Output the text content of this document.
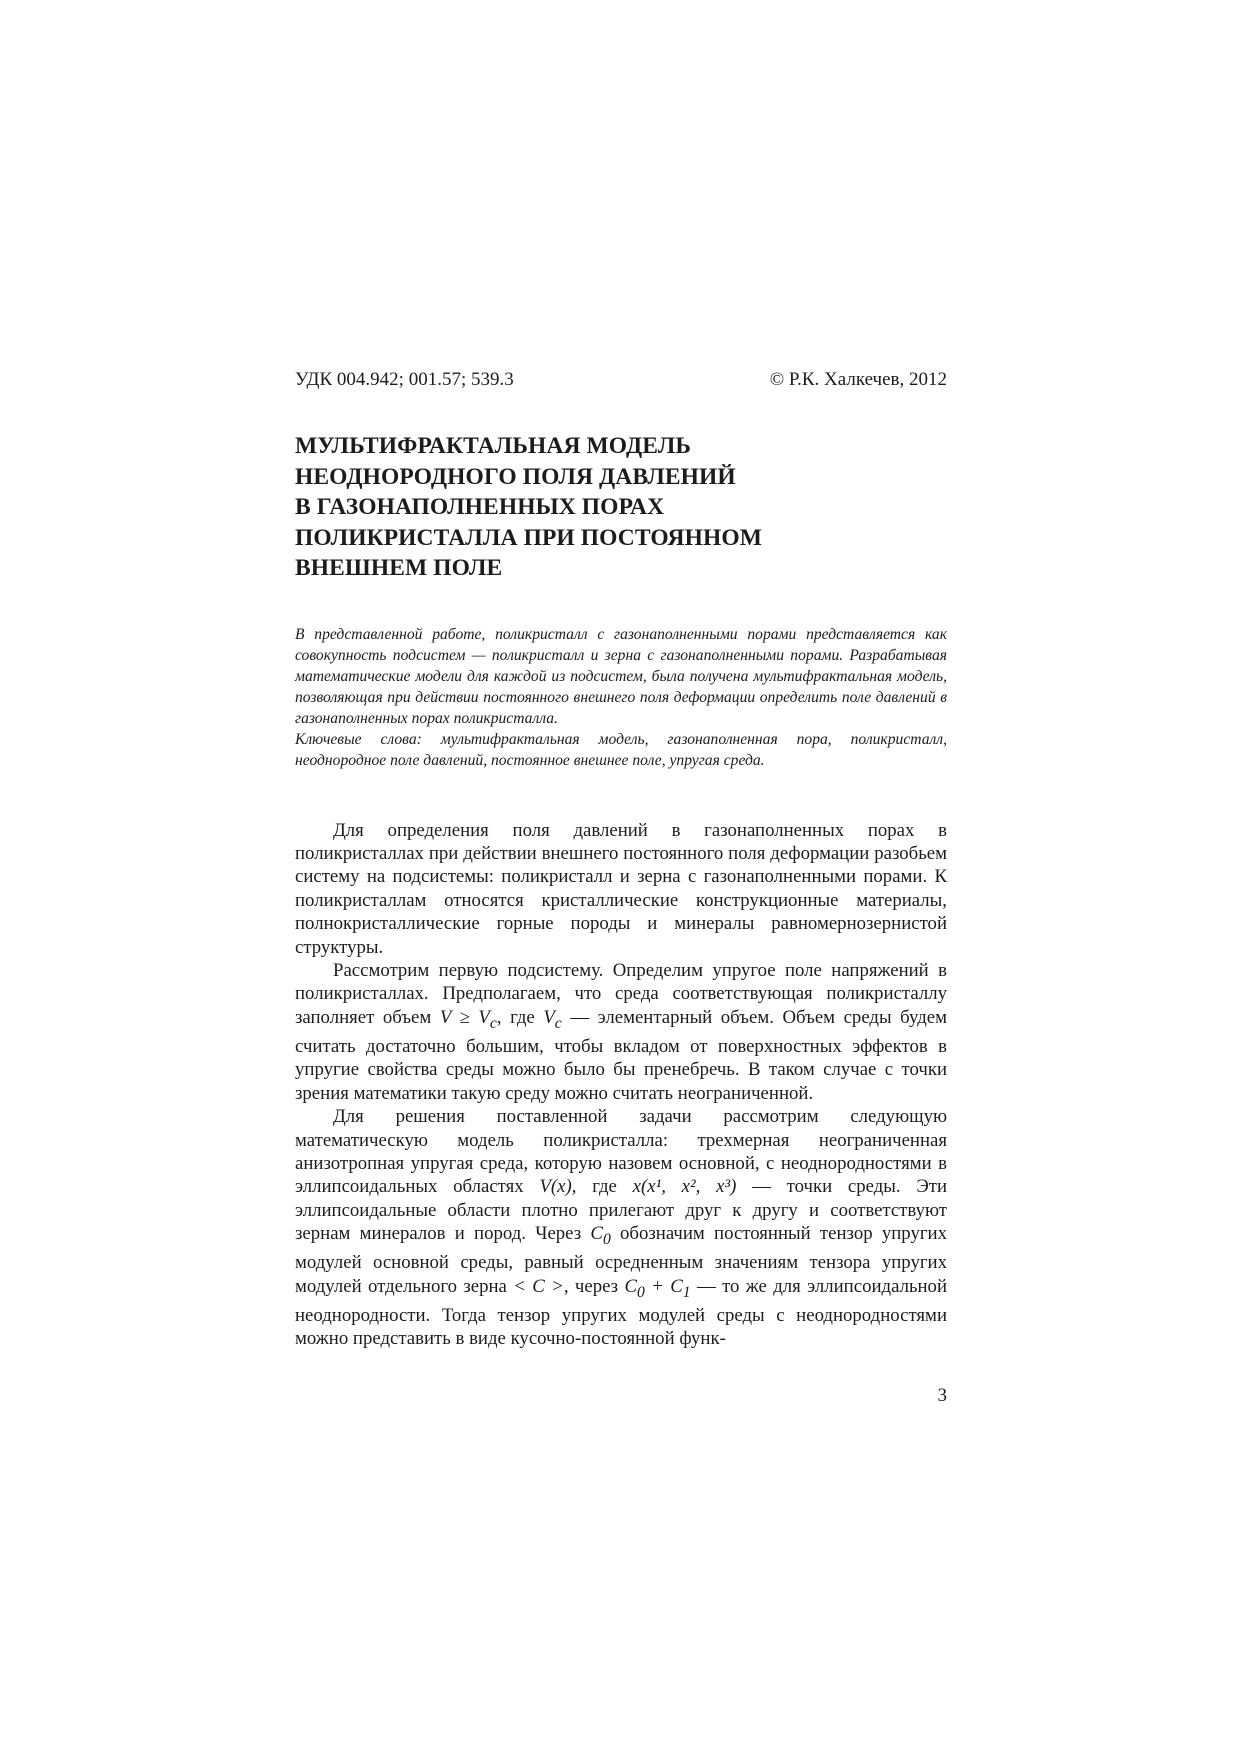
УДК 004.942; 001.57; 539.3	© Р.К. Халкечев, 2012
МУЛЬТИФРАКТАЛЬНАЯ МОДЕЛЬ
НЕОДНОРОДНОГО ПОЛЯ ДАВЛЕНИЙ
В ГАЗОНАПОЛНЕННЫХ ПОРАХ
ПОЛИКРИСТАЛЛА ПРИ ПОСТОЯННОМ
ВНЕШНЕМ ПОЛЕ

В представленной работе, поликристалл с газонаполненными порами представляется как совокупность подсистем — поликристалл и зерна с газонаполненными порами. Разрабатывая математические модели для каждой из подсистем, была получена мультифрактальная модель, позволяющая при действии постоянного внешнего поля деформации определить поле давлений в газонаполненных порах поликристалла.

Ключевые слова: мультифрактальная модель, газонаполненная пора, поликристалл, неоднородное поле давлений, постоянное внешнее поле, упругая среда.

Для определения поля давлений в газонаполненных порах в поликристаллах при действии внешнего постоянного поля деформации разобьем систему на подсистемы: поликристалл и зерна с газонаполненными порами. К поликристаллам относятся кристаллические конструкционные материалы, полнокристаллические горные породы и минералы равномернозернистой структуры.

Рассмотрим первую подсистему. Определим упругое поле напряжений в поликристаллах. Предполагаем, что среда соответствующая поликристаллу заполняет объем $V \ge V_c$, где $V_c$ — элементарный объем. Объем среды будем считать достаточно большим, чтобы вкладом от поверхностных эффектов в упругие свойства среды можно было бы пренебречь. В таком случае с точки зрения математики такую среду можно считать неограниченной.

Для решения поставленной задачи рассмотрим следующую математическую модель поликристалла: трехмерная неограниченная анизотропная упругая среда, которую назовем основной, с неоднородностями в эллипсоидальных областях V(x), где x(x¹, x², x³) — точки среды. Эти эллипсоидальные области плотно прилегают друг к другу и соответствуют зернам минералов и пород. Через $C_0$ обозначим постоянный тензор упругих модулей основной среды, равный осредненным значениям тензора упругих модулей отдельного зерна < C >, через $C_0 + C_1$ — то же для эллипсоидальной неоднородности. Тогда тензор упругих модулей среды с неоднородностями можно представить в виде кусочно-постоянной функ-

3
